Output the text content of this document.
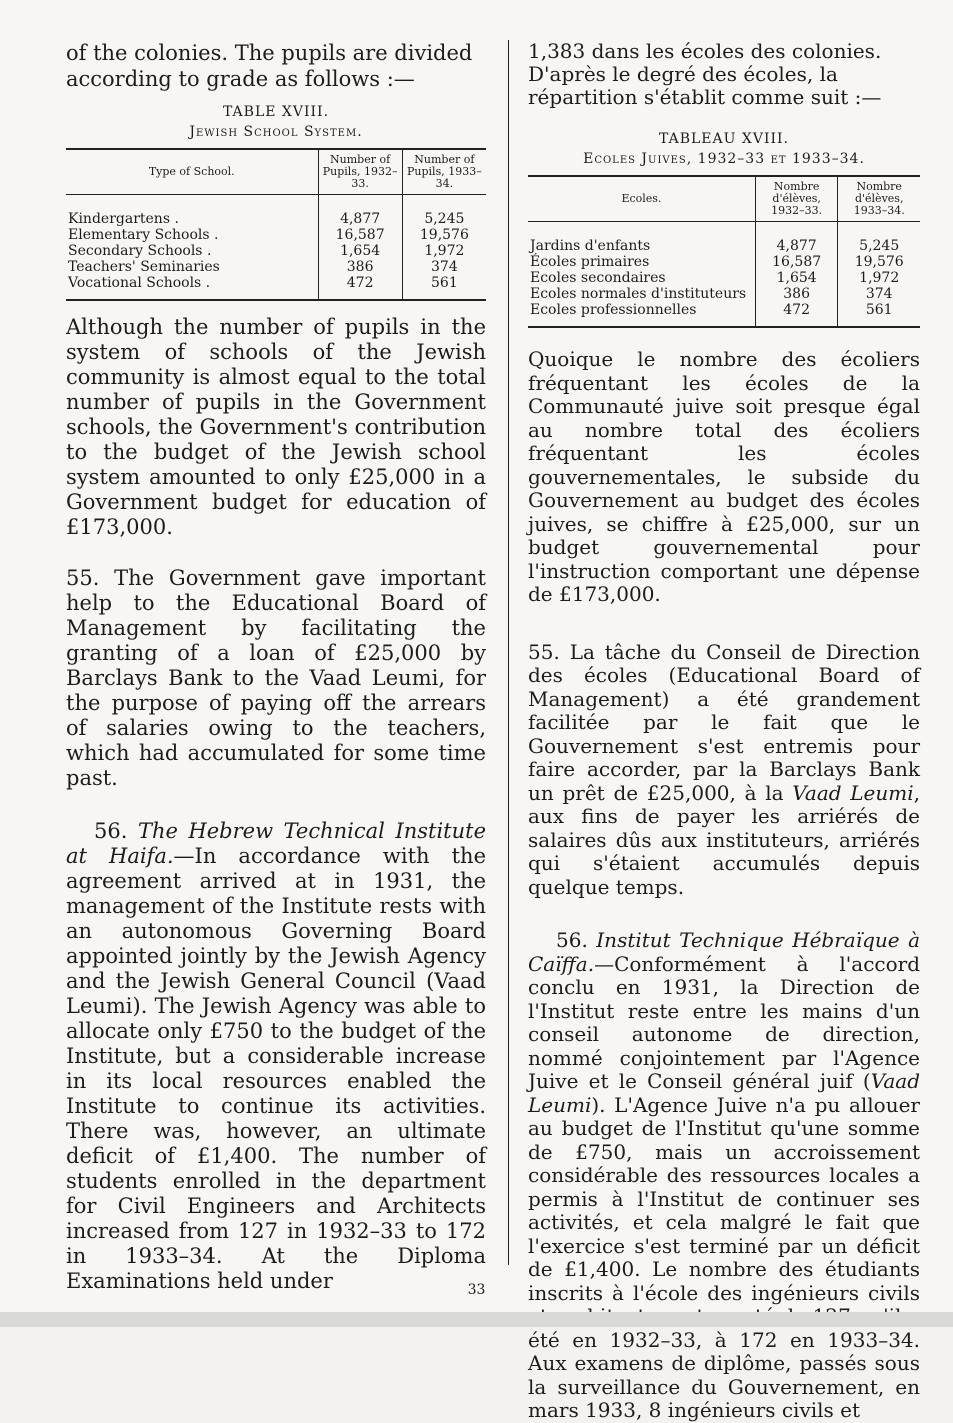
of the colonies. The pupils are divided according to grade as follows :—

TABLE XVIII.
Jewish School System.
Type of School.	Number of Pupils, 1932–33.	Number of Pupils, 1933–34.
Kindergartens .	4,877	5,245
Elementary Schools .	16,587	19,576
Secondary Schools .	1,654	1,972
Teachers' Seminaries	386	374
Vocational Schools .	472	561

Although the number of pupils in the system of schools of the Jewish community is almost equal to the total number of pupils in the Government schools, the Government's contribution to the budget of the Jewish school system amounted to only £25,000 in a Government budget for education of £173,000.

55. The Government gave important help to the Educational Board of Management by facilitating the granting of a loan of £25,000 by Barclays Bank to the Vaad Leumi, for the purpose of paying off the arrears of salaries owing to the teachers, which had accumulated for some time past.

56. The Hebrew Technical Institute at Haifa.—In accordance with the agreement arrived at in 1931, the management of the Institute rests with an autonomous Governing Board appointed jointly by the Jewish Agency and the Jewish General Council (Vaad Leumi). The Jewish Agency was able to allocate only £750 to the budget of the Institute, but a considerable increase in its local resources enabled the Institute to continue its activities. There was, however, an ultimate deficit of £1,400. The number of students enrolled in the department for Civil Engineers and Architects increased from 127 in 1932–33 to 172 in 1933–34. At the Diploma Examinations held under

1,383 dans les écoles des colonies. D'après le degré des écoles, la répartition s'établit comme suit :—

TABLEAU XVIII.
Ecoles Juives, 1932–33 et 1933–34.
Ecoles.	Nombre d'élèves, 1932–33.	Nombre d'élèves, 1933–34.
Jardins d'enfants	4,877	5,245
Écoles primaires	16,587	19,576
Ecoles secondaires	1,654	1,972
Ecoles normales d'instituteurs	386	374
Ecoles professionnelles	472	561

Quoique le nombre des écoliers fréquentant les écoles de la Communauté juive soit presque égal au nombre total des écoliers fréquentant les écoles gouvernementales, le subside du Gouvernement au budget des écoles juives, se chiffre à £25,000, sur un budget gouvernemental pour l'instruction comportant une dépense de £173,000.

55. La tâche du Conseil de Direction des écoles (Educational Board of Management) a été grandement facilitée par le fait que le Gouvernement s'est entremis pour faire accorder, par la Barclays Bank un prêt de £25,000, à la Vaad Leumi, aux fins de payer les arriérés de salaires dûs aux instituteurs, arriérés qui s'étaient accumulés depuis quelque temps.

56. Institut Technique Hébraïque à Caïffa.—Conformément à l'accord conclu en 1931, la Direction de l'Institut reste entre les mains d'un conseil autonome de direction, nommé conjointement par l'Agence Juive et le Conseil général juif (Vaad Leumi). L'Agence Juive n'a pu allouer au budget de l'Institut qu'une somme de £750, mais un accroissement considérable des ressources locales a permis à l'Institut de continuer ses activités, et cela malgré le fait que l'exercice s'est terminé par un déficit de £1,400. Le nombre des étudiants inscrits à l'école des ingénieurs civils été en 1932–33, à 172 en 1933–34. Aux examens de diplôme, passés sous la surveillance du Gouvernement, en mars 1933, 8 ingénieurs civils et

33
